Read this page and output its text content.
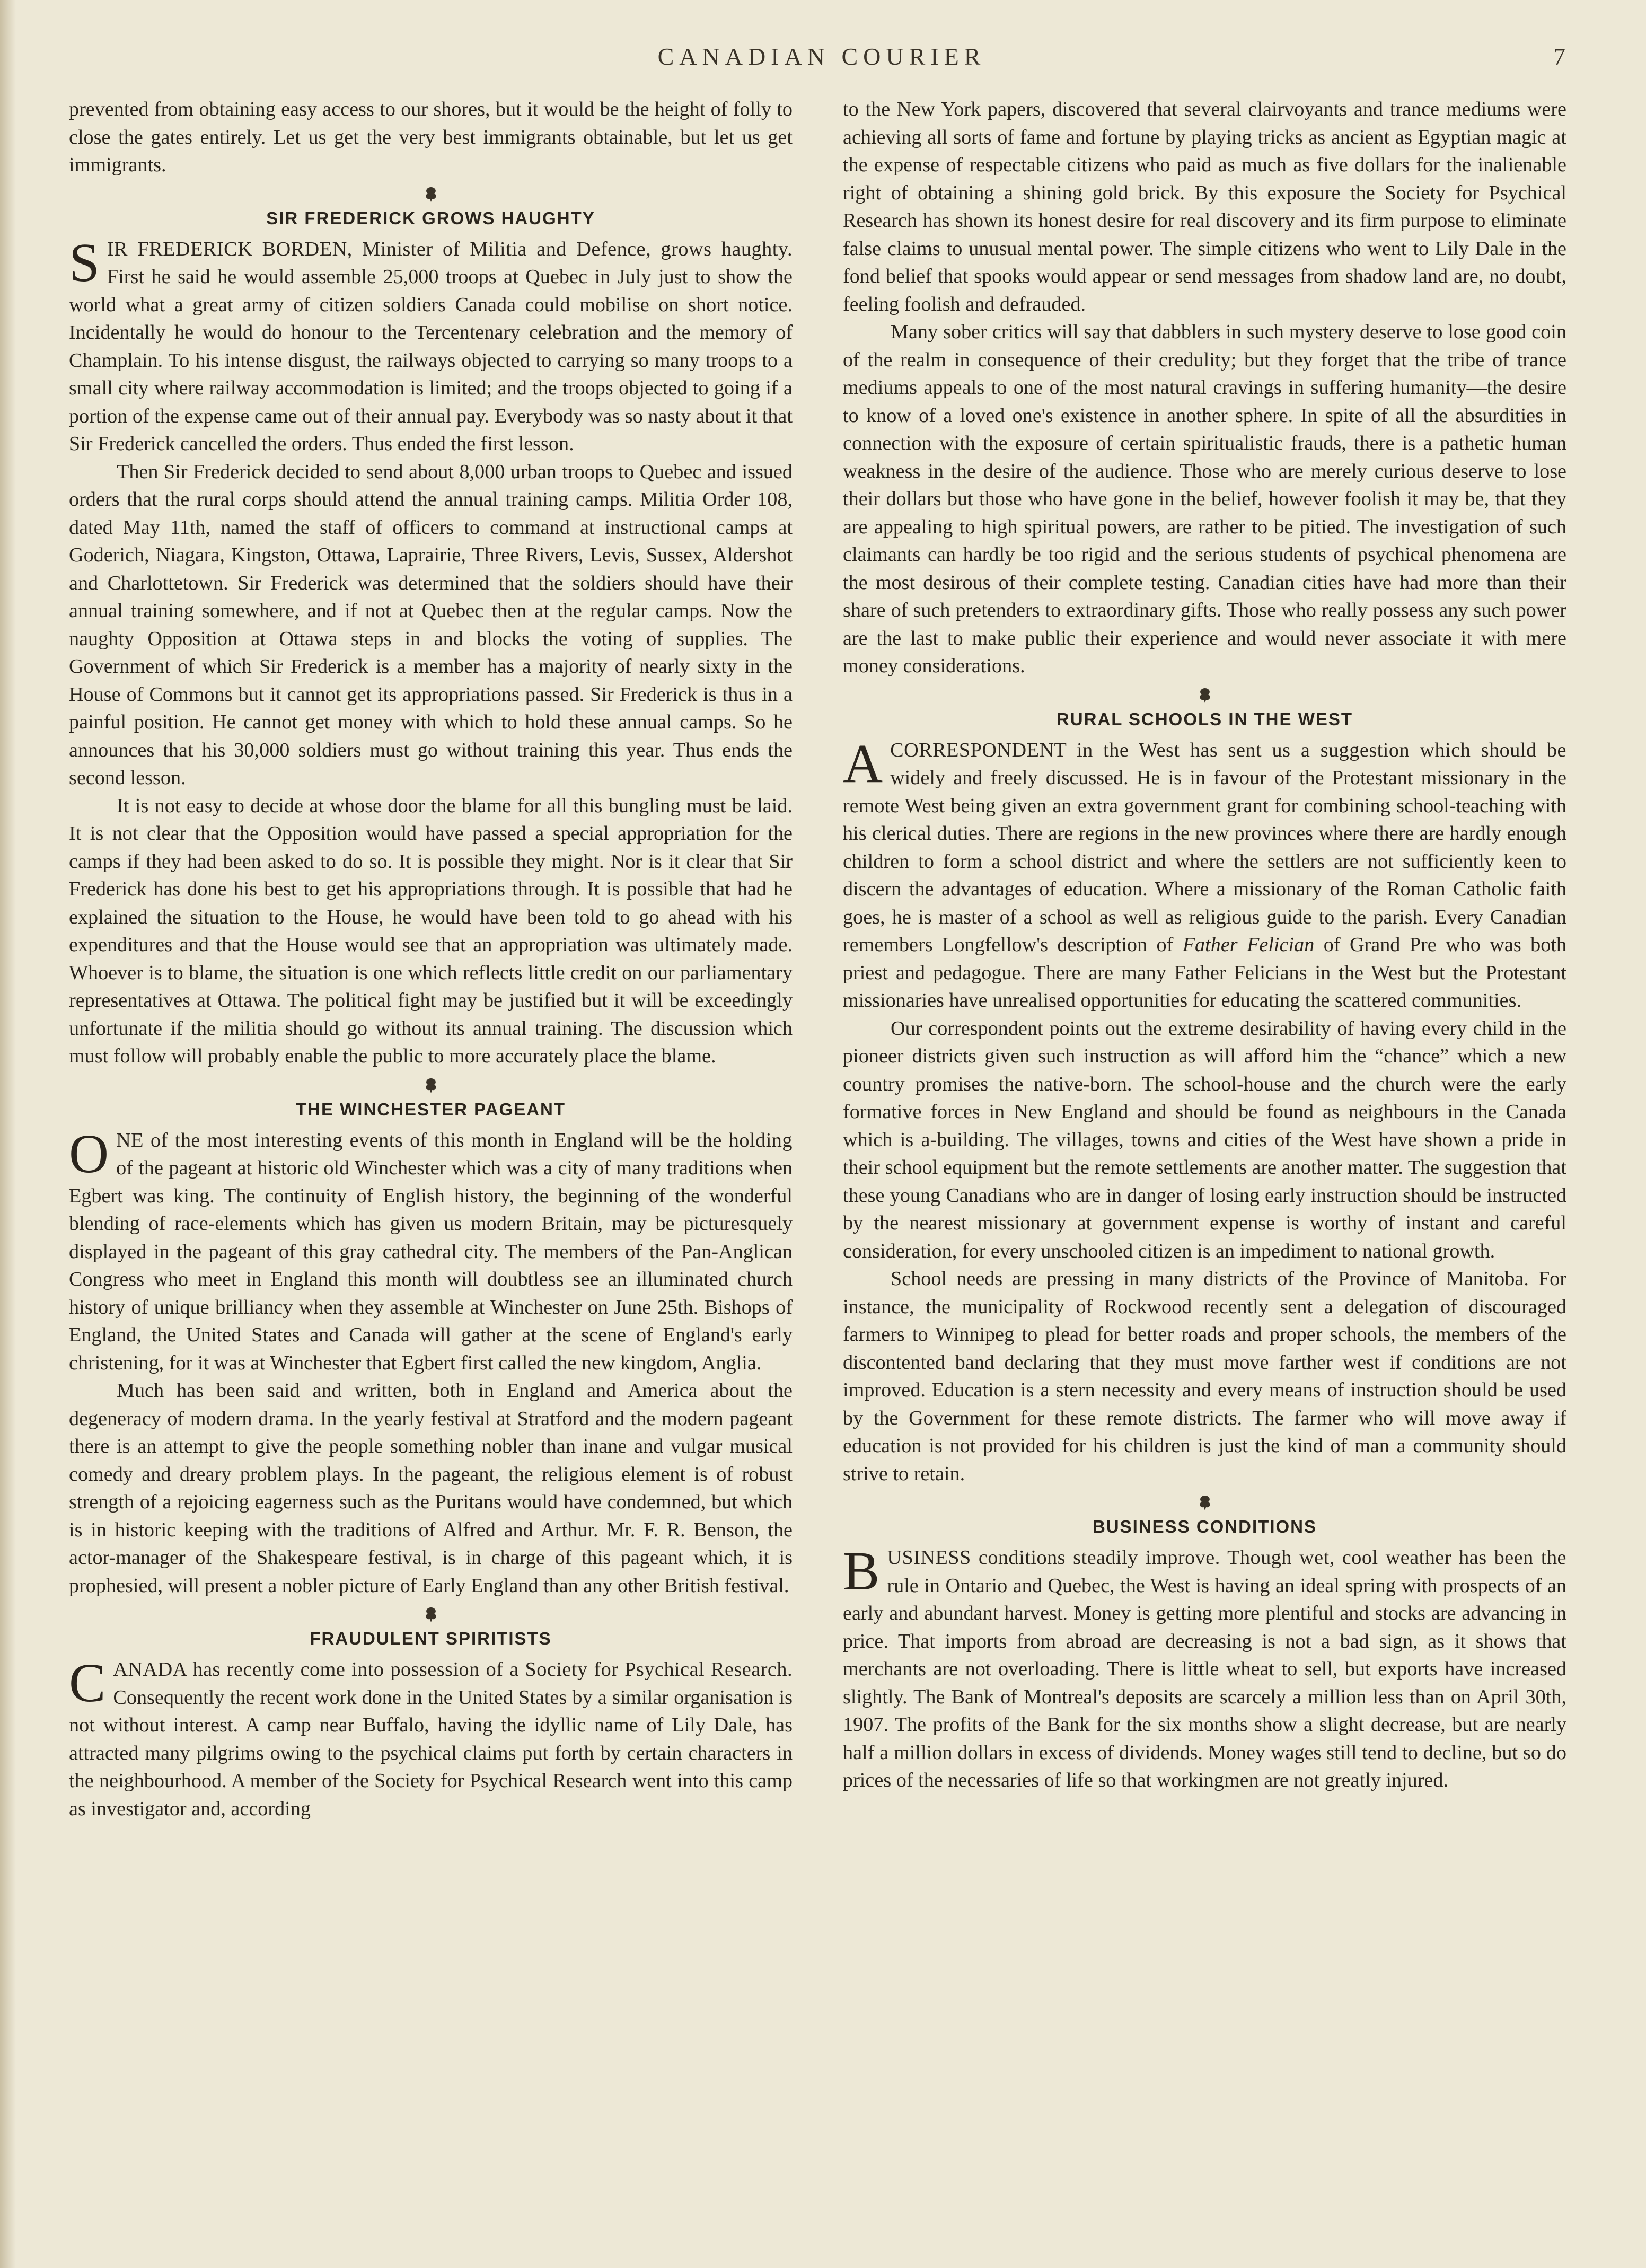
CANADIAN COURIER	7

prevented from obtaining easy access to our shores, but it would be the height of folly to close the gates entirely. Let us get the very best immigrants obtainable, but let us get immigrants.

SIR FREDERICK GROWS HAUGHTY

SIR FREDERICK BORDEN, Minister of Militia and Defence, grows haughty. First he said he would assemble 25,000 troops at Quebec in July just to show the world what a great army of citizen soldiers Canada could mobilise on short notice. Incidentally he would do honour to the Tercentenary celebration and the memory of Champlain. To his intense disgust, the railways objected to carrying so many troops to a small city where railway accommodation is limited; and the troops objected to going if a portion of the expense came out of their annual pay. Everybody was so nasty about it that Sir Frederick cancelled the orders. Thus ended the first lesson.

Then Sir Frederick decided to send about 8,000 urban troops to Quebec and issued orders that the rural corps should attend the annual training camps. Militia Order 108, dated May 11th, named the staff of officers to command at instructional camps at Goderich, Niagara, Kingston, Ottawa, Laprairie, Three Rivers, Levis, Sussex, Aldershot and Charlottetown. Sir Frederick was determined that the soldiers should have their annual training somewhere, and if not at Quebec then at the regular camps. Now the naughty Opposition at Ottawa steps in and blocks the voting of supplies. The Government of which Sir Frederick is a member has a majority of nearly sixty in the House of Commons but it cannot get its appropriations passed. Sir Frederick is thus in a painful position. He cannot get money with which to hold these annual camps. So he announces that his 30,000 soldiers must go without training this year. Thus ends the second lesson.

It is not easy to decide at whose door the blame for all this bungling must be laid. It is not clear that the Opposition would have passed a special appropriation for the camps if they had been asked to do so. It is possible they might. Nor is it clear that Sir Frederick has done his best to get his appropriations through. It is possible that had he explained the situation to the House, he would have been told to go ahead with his expenditures and that the House would see that an appropriation was ultimately made. Whoever is to blame, the situation is one which reflects little credit on our parliamentary representatives at Ottawa. The political fight may be justified but it will be exceedingly unfortunate if the militia should go without its annual training. The discussion which must follow will probably enable the public to more accurately place the blame.

THE WINCHESTER PAGEANT

ONE of the most interesting events of this month in England will be the holding of the pageant at historic old Winchester which was a city of many traditions when Egbert was king. The continuity of English history, the beginning of the wonderful blending of race-elements which has given us modern Britain, may be picturesquely displayed in the pageant of this gray cathedral city. The members of the Pan-Anglican Congress who meet in England this month will doubtless see an illuminated church history of unique brilliancy when they assemble at Winchester on June 25th. Bishops of England, the United States and Canada will gather at the scene of England's early christening, for it was at Winchester that Egbert first called the new kingdom, Anglia.

Much has been said and written, both in England and America about the degeneracy of modern drama. In the yearly festival at Stratford and the modern pageant there is an attempt to give the people something nobler than inane and vulgar musical comedy and dreary problem plays. In the pageant, the religious element is of robust strength of a rejoicing eagerness such as the Puritans would have condemned, but which is in historic keeping with the traditions of Alfred and Arthur. Mr. F. R. Benson, the actor-manager of the Shakespeare festival, is in charge of this pageant which, it is prophesied, will present a nobler picture of Early England than any other British festival.

FRAUDULENT SPIRITISTS

CANADA has recently come into possession of a Society for Psychical Research. Consequently the recent work done in the United States by a similar organisation is not without interest. A camp near Buffalo, having the idyllic name of Lily Dale, has attracted many pilgrims owing to the psychical claims put forth by certain characters in the neighbourhood. A member of the Society for Psychical Research went into this camp as investigator and, according

to the New York papers, discovered that several clairvoyants and trance mediums were achieving all sorts of fame and fortune by playing tricks as ancient as Egyptian magic at the expense of respectable citizens who paid as much as five dollars for the inalienable right of obtaining a shining gold brick. By this exposure the Society for Psychical Research has shown its honest desire for real discovery and its firm purpose to eliminate false claims to unusual mental power. The simple citizens who went to Lily Dale in the fond belief that spooks would appear or send messages from shadow land are, no doubt, feeling foolish and defrauded.

Many sober critics will say that dabblers in such mystery deserve to lose good coin of the realm in consequence of their credulity; but they forget that the tribe of trance mediums appeals to one of the most natural cravings in suffering humanity—the desire to know of a loved one's existence in another sphere. In spite of all the absurdities in connection with the exposure of certain spiritualistic frauds, there is a pathetic human weakness in the desire of the audience. Those who are merely curious deserve to lose their dollars but those who have gone in the belief, however foolish it may be, that they are appealing to high spiritual powers, are rather to be pitied. The investigation of such claimants can hardly be too rigid and the serious students of psychical phenomena are the most desirous of their complete testing. Canadian cities have had more than their share of such pretenders to extraordinary gifts. Those who really possess any such power are the last to make public their experience and would never associate it with mere money considerations.

RURAL SCHOOLS IN THE WEST

ACORRESPONDENT in the West has sent us a suggestion which should be widely and freely discussed. He is in favour of the Protestant missionary in the remote West being given an extra government grant for combining school-teaching with his clerical duties. There are regions in the new provinces where there are hardly enough children to form a school district and where the settlers are not sufficiently keen to discern the advantages of education. Where a missionary of the Roman Catholic faith goes, he is master of a school as well as religious guide to the parish. Every Canadian remembers Longfellow's description of Father Felician of Grand Pre who was both priest and pedagogue. There are many Father Felicians in the West but the Protestant missionaries have unrealised opportunities for educating the scattered communities.

Our correspondent points out the extreme desirability of having every child in the pioneer districts given such instruction as will afford him the “chance” which a new country promises the native-born. The school-house and the church were the early formative forces in New England and should be found as neighbours in the Canada which is a-building. The villages, towns and cities of the West have shown a pride in their school equipment but the remote settlements are another matter. The suggestion that these young Canadians who are in danger of losing early instruction should be instructed by the nearest missionary at government expense is worthy of instant and careful consideration, for every unschooled citizen is an impediment to national growth.

School needs are pressing in many districts of the Province of Manitoba. For instance, the municipality of Rockwood recently sent a delegation of discouraged farmers to Winnipeg to plead for better roads and proper schools, the members of the discontented band declaring that they must move farther west if conditions are not improved. Education is a stern necessity and every means of instruction should be used by the Government for these remote districts. The farmer who will move away if education is not provided for his children is just the kind of man a community should strive to retain.

BUSINESS CONDITIONS

BUSINESS conditions steadily improve. Though wet, cool weather has been the rule in Ontario and Quebec, the West is having an ideal spring with prospects of an early and abundant harvest. Money is getting more plentiful and stocks are advancing in price. That imports from abroad are decreasing is not a bad sign, as it shows that merchants are not overloading. There is little wheat to sell, but exports have increased slightly. The Bank of Montreal's deposits are scarcely a million less than on April 30th, 1907. The profits of the Bank for the six months show a slight decrease, but are nearly half a million dollars in excess of dividends. Money wages still tend to decline, but so do prices of the necessaries of life so that workingmen are not greatly injured.
